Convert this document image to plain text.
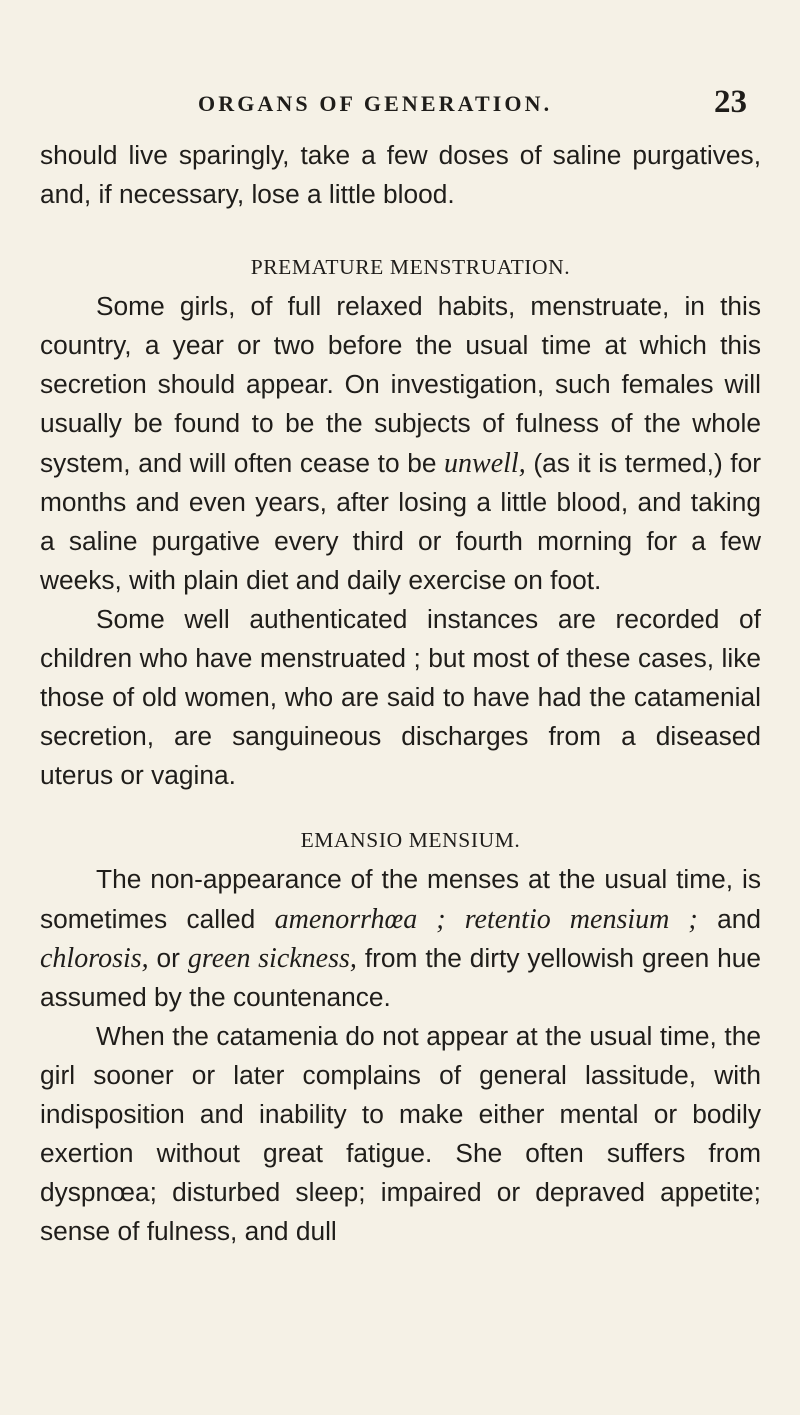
ORGANS OF GENERATION.	23

should live sparingly, take a few doses of saline purgatives, and, if necessary, lose a little blood.

PREMATURE MENSTRUATION.

Some girls, of full relaxed habits, menstruate, in this country, a year or two before the usual time at which this secretion should appear. On investigation, such females will usually be found to be the subjects of fulness of the whole system, and will often cease to be unwell, (as it is termed,) for months and even years, after losing a little blood, and taking a saline purgative every third or fourth morning for a few weeks, with plain diet and daily exercise on foot.

Some well authenticated instances are recorded of children who have menstruated ; but most of these cases, like those of old women, who are said to have had the catamenial secretion, are sanguineous discharges from a diseased uterus or vagina.

EMANSIO MENSIUM.

The non-appearance of the menses at the usual time, is sometimes called amenorrhœa ; retentio mensium ; and chlorosis, or green sickness, from the dirty yellowish green hue assumed by the countenance.

When the catamenia do not appear at the usual time, the girl sooner or later complains of general lassitude, with indisposition and inability to make either mental or bodily exertion without great fatigue. She often suffers from dyspnœa; disturbed sleep; impaired or depraved appetite; sense of fulness, and dull
